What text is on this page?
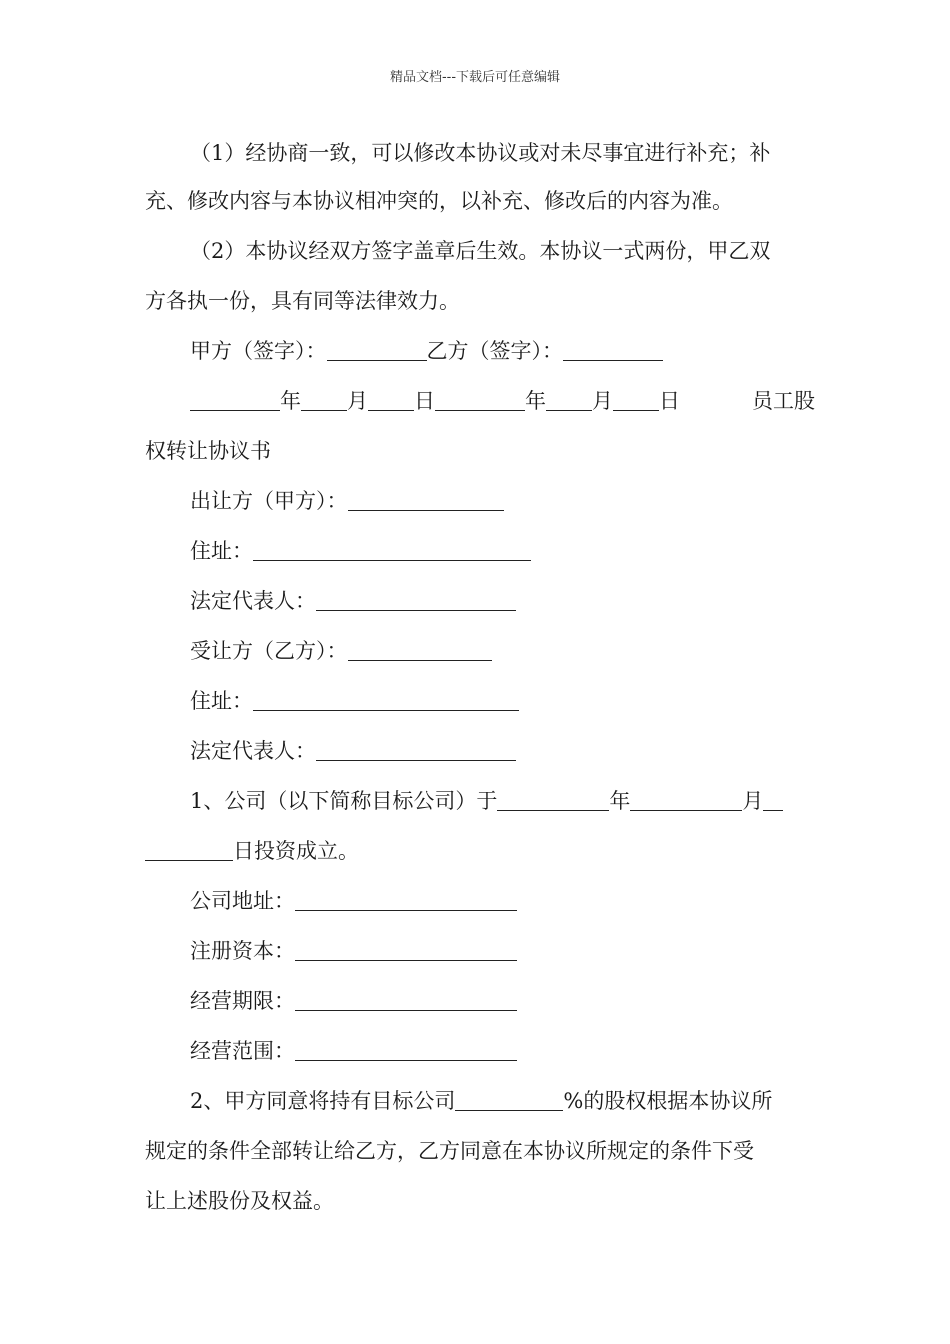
精品文档---下载后可任意编辑
（1）经协商一致，可以修改本协议或对未尽事宜进行补充；补
充、修改内容与本协议相冲突的，以补充、修改后的内容为准。
（2）本协议经双方签字盖章后生效。本协议一式两份，甲乙双
方各执一份，具有同等法律效力。
甲方（签字）：	乙方（签字）：
年 月 日	年 月 日	员工股
权转让协议书
出让方（甲方）：
住址：
法定代表人：
受让方（乙方）：
住址：
法定代表人：
1、公司（以下简称目标公司）于	年	月
日投资成立。
公司地址：
注册资本：
经营期限：
经营范围：
2、甲方同意将持有目标公司	%的股权根据本协议所
规定的条件全部转让给乙方，乙方同意在本协议所规定的条件下受
让上述股份及权益。
